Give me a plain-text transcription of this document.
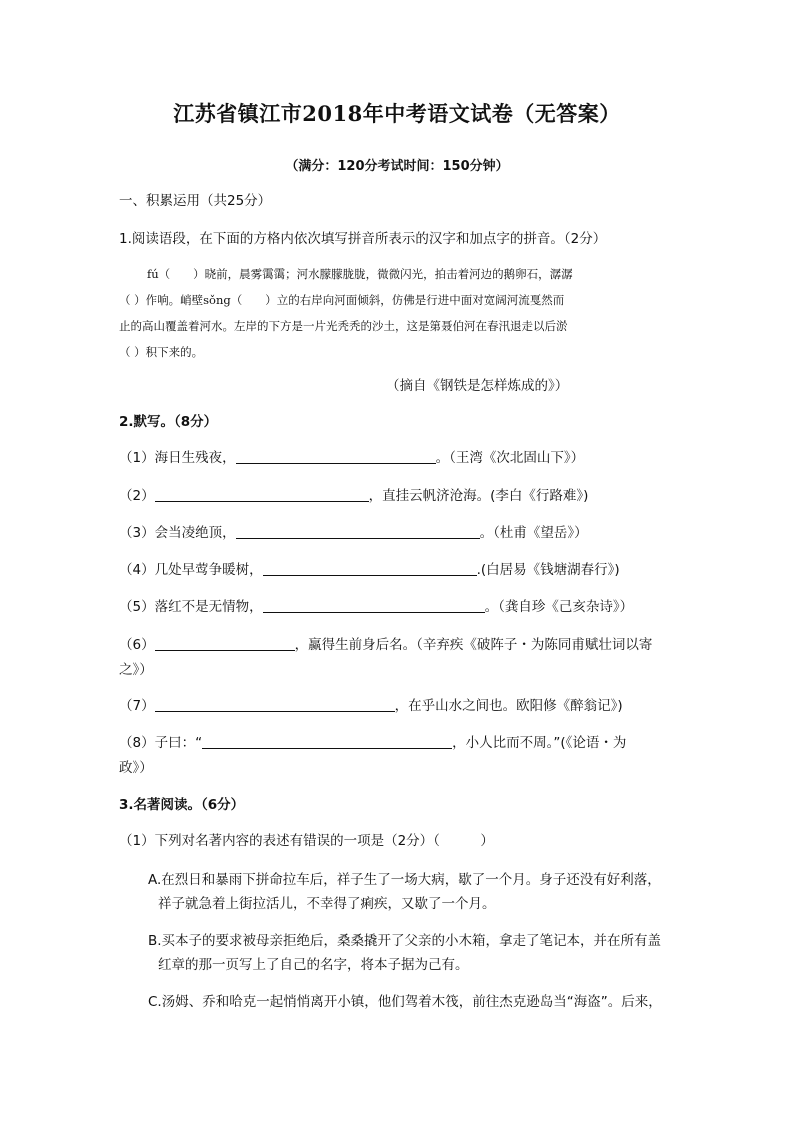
江苏省镇江市2018年中考语文试卷（无答案）
（满分：120分考试时间：150分钟）
一、积累运用（共25分）
1.阅读语段，在下面的方格内依次填写拼音所表示的汉字和加点字的拼音。（2分）

fú（　　）晓前，晨雾霭霭；河水朦朦胧胧，微微闪光，拍击着河边的鹅卵石，潺潺

（ ）作响。峭壁sǒng（　　）立的右岸向河面倾斜，仿佛是行进中面对宽阔河流戛然而

止的高山覆盖着河水。左岸的下方是一片光秃秃的沙土，这是第聂伯河在春汛退走以后淤

（ ）积下来的。

（摘自《钢铁是怎样炼成的》）
2.默写。（8分）
（1）海日生残夜，	。（王湾《次北固山下》）
（2）	，直挂云帆济沧海。(李白《行路难》)
（3）会当凌绝顶，	。（杜甫《望岳》）
（4）几处早莺争暖树，	.(白居易《钱塘湖春行》)
（5）落红不是无情物，	。（龚自珍《己亥杂诗》）
（6）	，赢得生前身后名。（辛弃疾《破阵子・为陈同甫赋壮词以寄
之》）
（7）	，在乎山水之间也。欧阳修《醉翁记》)
（8）子曰：“	，小人比而不周。”(《论语・为
政》）
3.名著阅读。（6分）
（1）下列对名著内容的表述有错误的一项是（2分）（　　　）
A.在烈日和暴雨下拼命拉车后，祥子生了一场大病，歇了一个月。身子还没有好利落，
祥子就急着上街拉活儿，不幸得了痢疾，又歇了一个月。
B.买本子的要求被母亲拒绝后，桑桑撬开了父亲的小木箱，拿走了笔记本，并在所有盖
红章的那一页写上了自己的名字，将本子据为己有。
C.汤姆、乔和哈克一起悄悄离开小镇，他们驾着木筏，前往杰克逊岛当“海盗”。后来，
